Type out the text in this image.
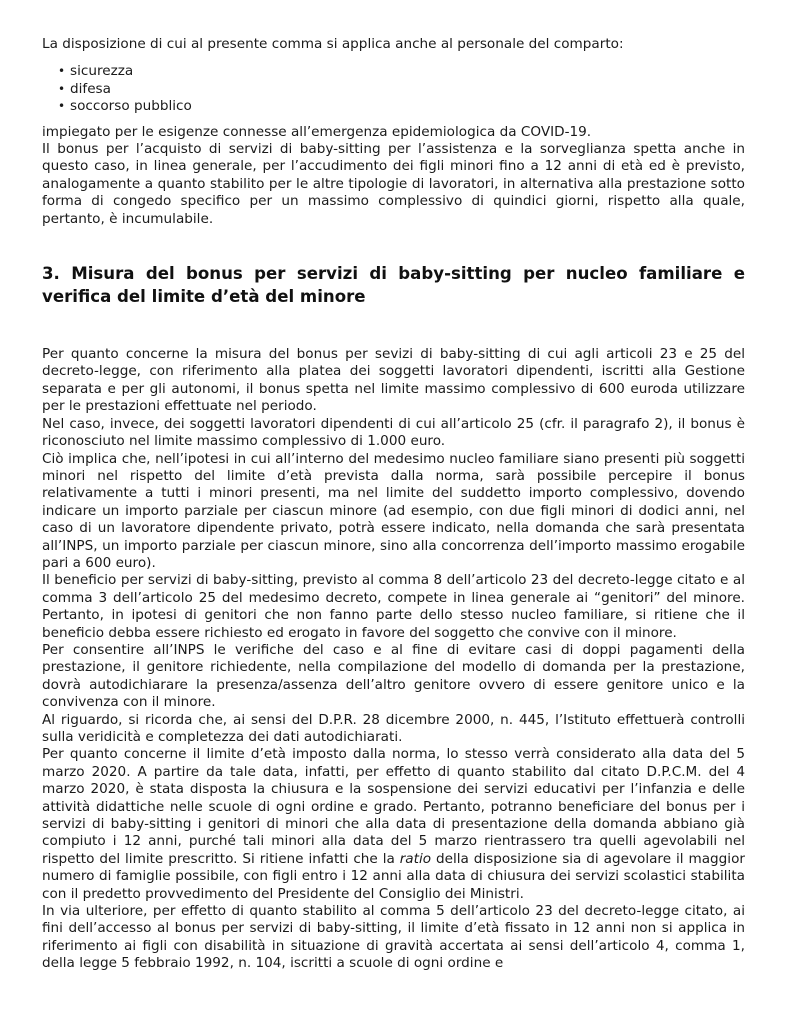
La disposizione di cui al presente comma si applica anche al personale del comparto:

• sicurezza
• difesa
• soccorso pubblico

impiegato per le esigenze connesse all’emergenza epidemiologica da COVID-19.

Il bonus per l’acquisto di servizi di baby-sitting per l’assistenza e la sorveglianza spetta anche in questo caso, in linea generale, per l’accudimento dei figli minori fino a 12 anni di età ed è previsto, analogamente a quanto stabilito per le altre tipologie di lavoratori, in alternativa alla prestazione sotto forma di congedo specifico per un massimo complessivo di quindici giorni, rispetto alla quale, pertanto, è incumulabile.

3. Misura del bonus per servizi di baby-sitting per nucleo familiare e verifica del limite d’età del minore

Per quanto concerne la misura del bonus per sevizi di baby-sitting di cui agli articoli 23 e 25 del decreto-legge, con riferimento alla platea dei soggetti lavoratori dipendenti, iscritti alla Gestione separata e per gli autonomi, il bonus spetta nel limite massimo complessivo di 600 euroda utilizzare per le prestazioni effettuate nel periodo.

Nel caso, invece, dei soggetti lavoratori dipendenti di cui all’articolo 25 (cfr. il paragrafo 2), il bonus è riconosciuto nel limite massimo complessivo di 1.000 euro.

Ciò implica che, nell’ipotesi in cui all’interno del medesimo nucleo familiare siano presenti più soggetti minori nel rispetto del limite d’età prevista dalla norma, sarà possibile percepire il bonus relativamente a tutti i minori presenti, ma nel limite del suddetto importo complessivo, dovendo indicare un importo parziale per ciascun minore (ad esempio, con due figli minori di dodici anni, nel caso di un lavoratore dipendente privato, potrà essere indicato, nella domanda che sarà presentata all’INPS, un importo parziale per ciascun minore, sino alla concorrenza dell’importo massimo erogabile pari a 600 euro).

Il beneficio per servizi di baby-sitting, previsto al comma 8 dell’articolo 23 del decreto-legge citato e al comma 3 dell’articolo 25 del medesimo decreto, compete in linea generale ai “genitori” del minore. Pertanto, in ipotesi di genitori che non fanno parte dello stesso nucleo familiare, si ritiene che il beneficio debba essere richiesto ed erogato in favore del soggetto che convive con il minore.

Per consentire all’INPS le verifiche del caso e al fine di evitare casi di doppi pagamenti della prestazione, il genitore richiedente, nella compilazione del modello di domanda per la prestazione, dovrà autodichiarare la presenza/assenza dell’altro genitore ovvero di essere genitore unico e la convivenza con il minore.

Al riguardo, si ricorda che, ai sensi del D.P.R. 28 dicembre 2000, n. 445, l’Istituto effettuerà controlli sulla veridicità e completezza dei dati autodichiarati.

Per quanto concerne il limite d’età imposto dalla norma, lo stesso verrà considerato alla data del 5 marzo 2020. A partire da tale data, infatti, per effetto di quanto stabilito dal citato D.P.C.M. del 4 marzo 2020, è stata disposta la chiusura e la sospensione dei servizi educativi per l’infanzia e delle attività didattiche nelle scuole di ogni ordine e grado. Pertanto, potranno beneficiare del bonus per i servizi di baby-sitting i genitori di minori che alla data di presentazione della domanda abbiano già compiuto i 12 anni, purché tali minori alla data del 5 marzo rientrassero tra quelli agevolabili nel rispetto del limite prescritto. Si ritiene infatti che la ratio della disposizione sia di agevolare il maggior numero di famiglie possibile, con figli entro i 12 anni alla data di chiusura dei servizi scolastici stabilita con il predetto provvedimento del Presidente del Consiglio dei Ministri.

In via ulteriore, per effetto di quanto stabilito al comma 5 dell’articolo 23 del decreto-legge citato, ai fini dell’accesso al bonus per servizi di baby-sitting, il limite d’età fissato in 12 anni non si applica in riferimento ai figli con disabilità in situazione di gravità accertata ai sensi dell’articolo 4, comma 1, della legge 5 febbraio 1992, n. 104, iscritti a scuole di ogni ordine e
